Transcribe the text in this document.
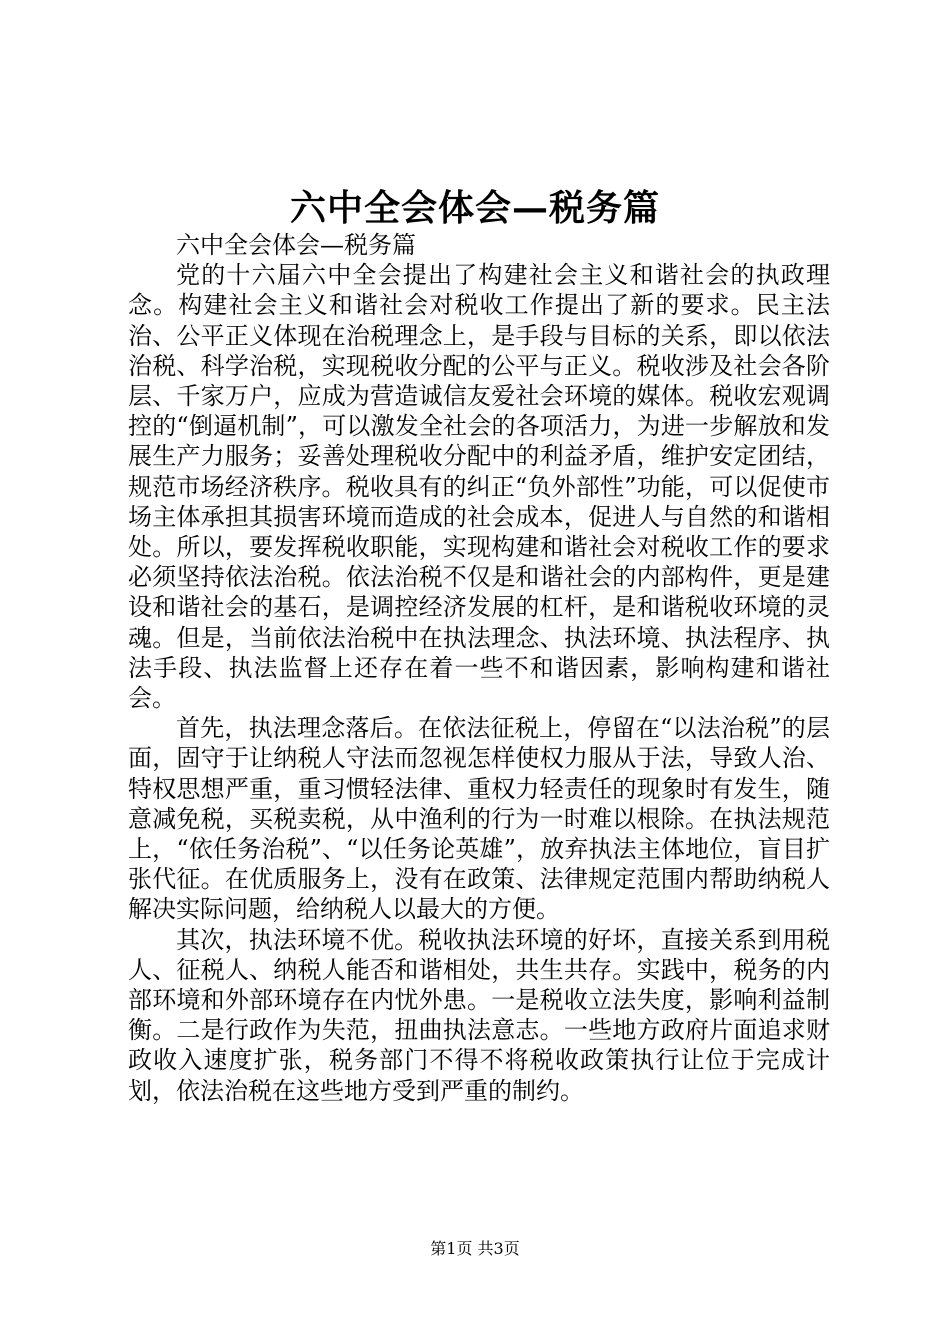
六中全会体会—税务篇

六中全会体会—税务篇

党的十六届六中全会提出了构建社会主义和谐社会的执政理念。构建社会主义和谐社会对税收工作提出了新的要求。民主法治、公平正义体现在治税理念上，是手段与目标的关系，即以依法治税、科学治税，实现税收分配的公平与正义。税收涉及社会各阶层、千家万户，应成为营造诚信友爱社会环境的媒体。税收宏观调控的“倒逼机制”，可以激发全社会的各项活力，为进一步解放和发展生产力服务；妥善处理税收分配中的利益矛盾，维护安定团结，规范市场经济秩序。税收具有的纠正“负外部性”功能，可以促使市场主体承担其损害环境而造成的社会成本，促进人与自然的和谐相处。所以，要发挥税收职能，实现构建和谐社会对税收工作的要求必须坚持依法治税。依法治税不仅是和谐社会的内部构件，更是建设和谐社会的基石，是调控经济发展的杠杆，是和谐税收环境的灵魂。但是，当前依法治税中在执法理念、执法环境、执法程序、执法手段、执法监督上还存在着一些不和谐因素，影响构建和谐社会。

首先，执法理念落后。在依法征税上，停留在“以法治税”的层面，固守于让纳税人守法而忽视怎样使权力服从于法，导致人治、特权思想严重，重习惯轻法律、重权力轻责任的现象时有发生，随意减免税，买税卖税，从中渔利的行为一时难以根除。在执法规范上，“依任务治税”、“以任务论英雄”，放弃执法主体地位，盲目扩张代征。在优质服务上，没有在政策、法律规定范围内帮助纳税人解决实际问题，给纳税人以最大的方便。

其次，执法环境不优。税收执法环境的好坏，直接关系到用税人、征税人、纳税人能否和谐相处，共生共存。实践中，税务的内部环境和外部环境存在内忧外患。一是税收立法失度，影响利益制衡。二是行政作为失范，扭曲执法意志。一些地方政府片面追求财政收入速度扩张，税务部门不得不将税收政策执行让位于完成计划，依法治税在这些地方受到严重的制约。

第1页 共3页
